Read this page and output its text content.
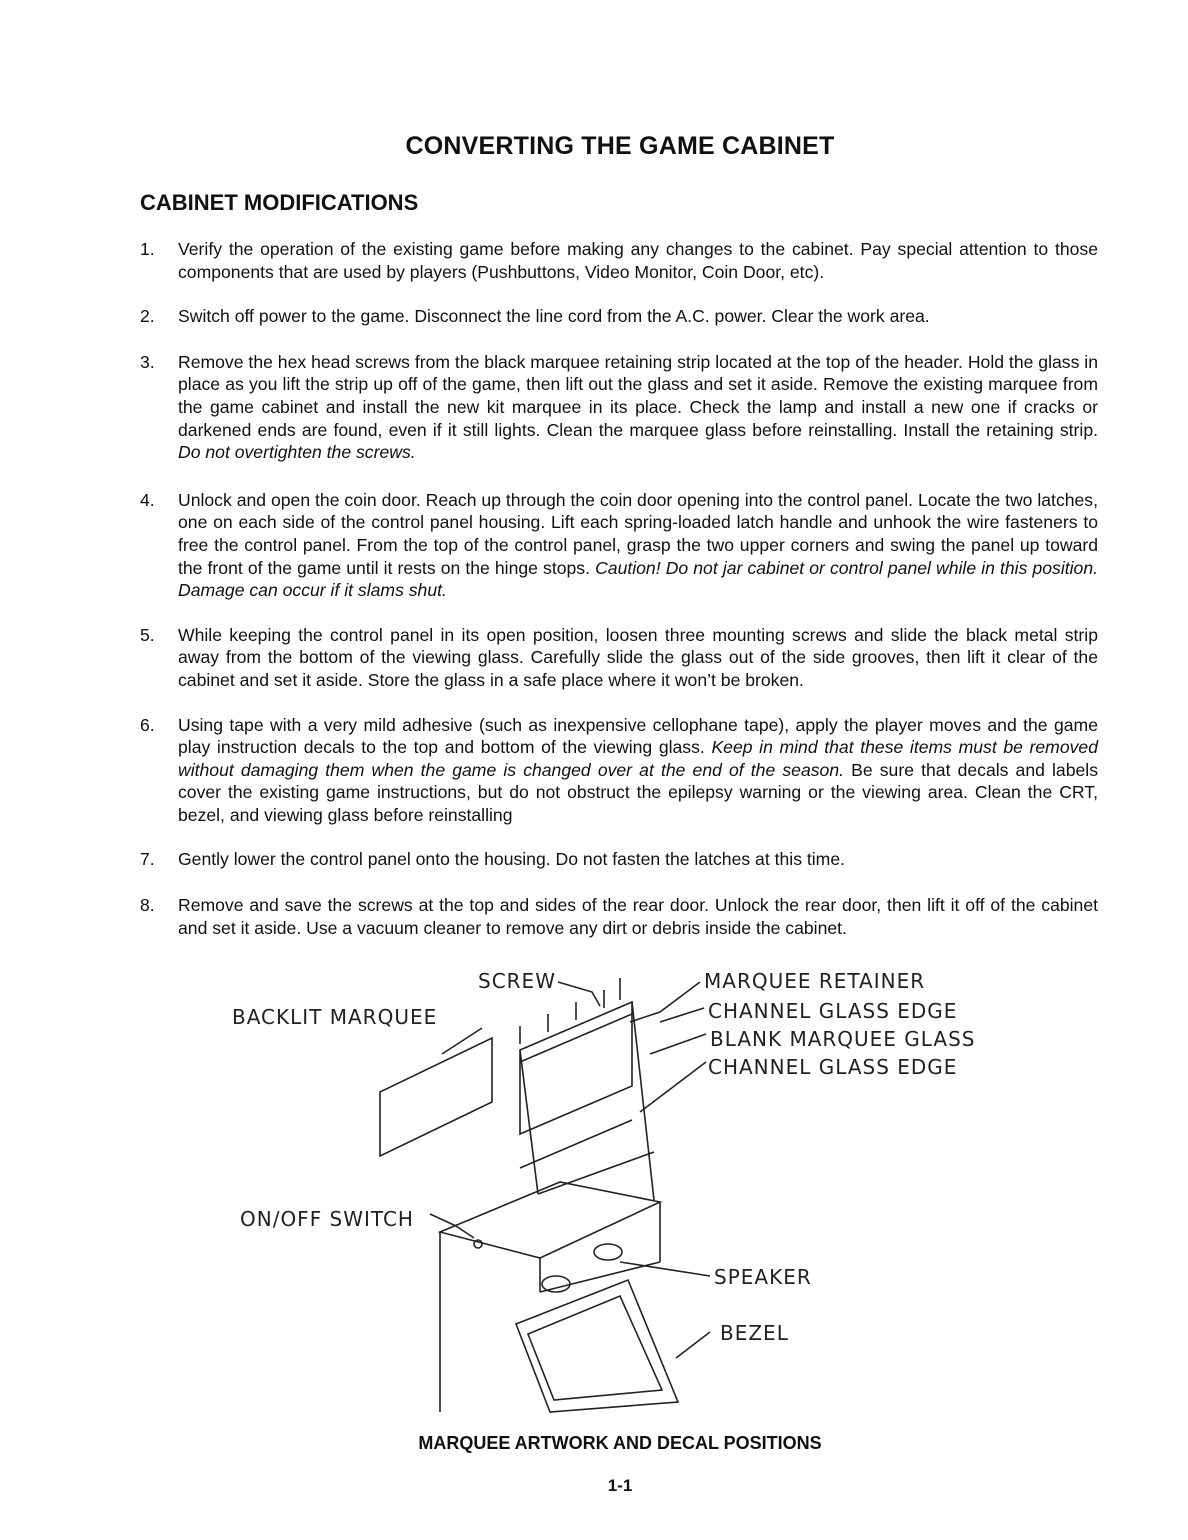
CONVERTING THE GAME CABINET
CABINET MODIFICATIONS
1. Verify the operation of the existing game before making any changes to the cabinet. Pay special attention to those components that are used by players (Pushbuttons, Video Monitor, Coin Door, etc).
2. Switch off power to the game. Disconnect the line cord from the A.C. power. Clear the work area.
3. Remove the hex head screws from the black marquee retaining strip located at the top of the header. Hold the glass in place as you lift the strip up off of the game, then lift out the glass and set it aside. Remove the existing marquee from the game cabinet and install the new kit marquee in its place. Check the lamp and install a new one if cracks or darkened ends are found, even if it still lights. Clean the marquee glass before reinstalling. Install the retaining strip. Do not overtighten the screws.
4. Unlock and open the coin door. Reach up through the coin door opening into the control panel. Locate the two latches, one on each side of the control panel housing. Lift each spring-loaded latch handle and unhook the wire fasteners to free the control panel. From the top of the control panel, grasp the two upper corners and swing the panel up toward the front of the game until it rests on the hinge stops. Caution! Do not jar cabinet or control panel while in this position. Damage can occur if it slams shut.
5. While keeping the control panel in its open position, loosen three mounting screws and slide the black metal strip away from the bottom of the viewing glass. Carefully slide the glass out of the side grooves, then lift it clear of the cabinet and set it aside. Store the glass in a safe place where it won’t be broken.
6. Using tape with a very mild adhesive (such as inexpensive cellophane tape), apply the player moves and the game play instruction decals to the top and bottom of the viewing glass. Keep in mind that these items must be removed without damaging them when the game is changed over at the end of the season. Be sure that decals and labels cover the existing game instructions, but do not obstruct the epilepsy warning or the viewing area. Clean the CRT, bezel, and viewing glass before reinstalling
7. Gently lower the control panel onto the housing. Do not fasten the latches at this time.
8. Remove and save the screws at the top and sides of the rear door. Unlock the rear door, then lift it off of the cabinet and set it aside. Use a vacuum cleaner to remove any dirt or debris inside the cabinet.
SCREW	MARQUEE RETAINER
CHANNEL GLASS EDGE
BACKLIT MARQUEE
BLANK MARQUEE GLASS
CHANNEL GLASS EDGE
ON/OFF SWITCH
SPEAKER
BEZEL
MARQUEE ARTWORK AND DECAL POSITIONS
1-1
